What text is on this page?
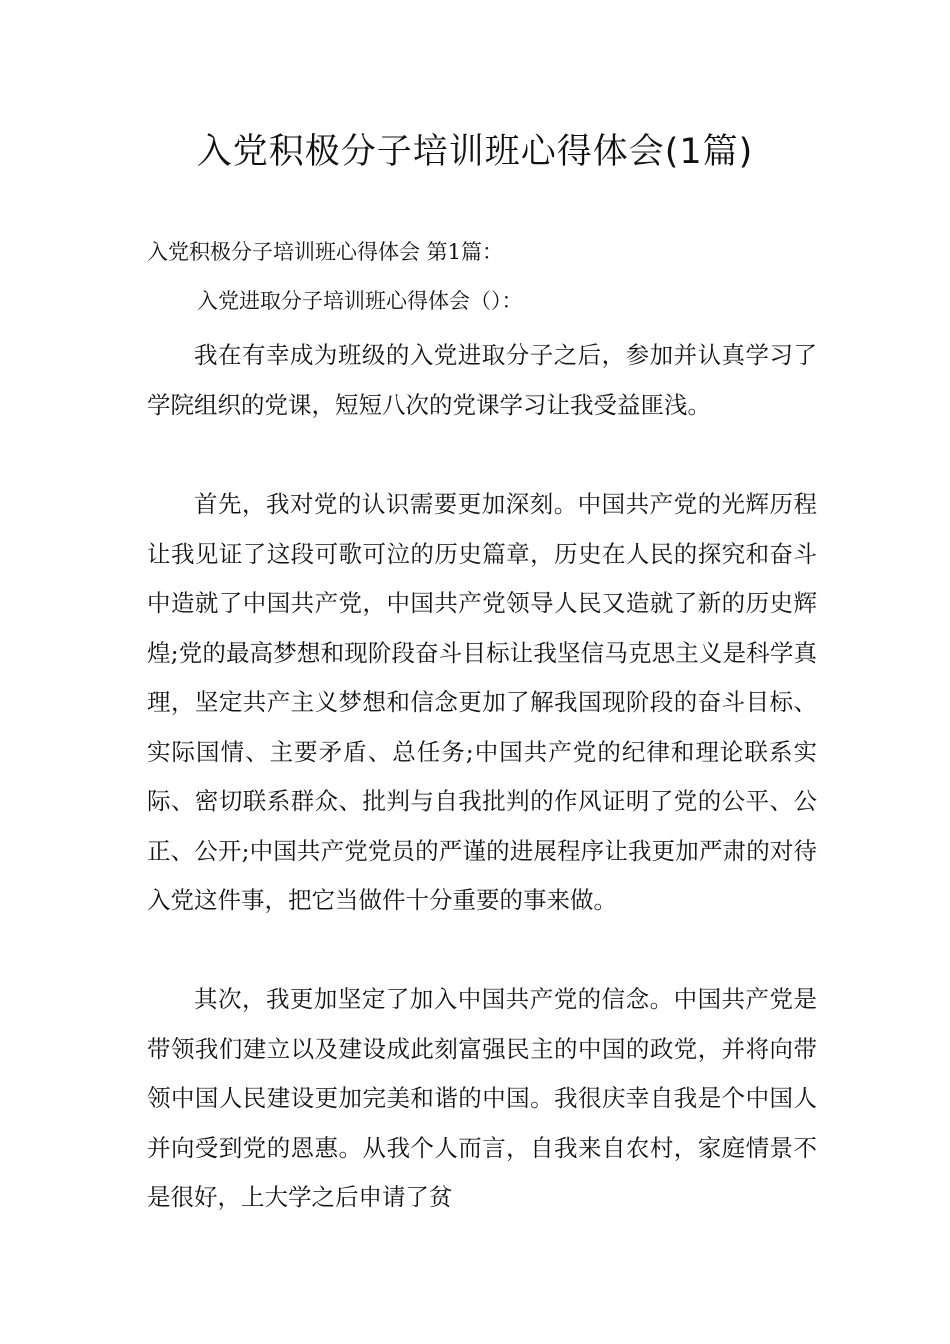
入党积极分子培训班心得体会(1篇)
入党积极分子培训班心得体会 第1篇：
入党进取分子培训班心得体会（）：

我在有幸成为班级的入党进取分子之后，参加并认真学习了学院组织的党课，短短八次的党课学习让我受益匪浅。

首先，我对党的认识需要更加深刻。中国共产党的光辉历程让我见证了这段可歌可泣的历史篇章，历史在人民的探究和奋斗中造就了中国共产党，中国共产党领导人民又造就了新的历史辉煌;党的最高梦想和现阶段奋斗目标让我坚信马克思主义是科学真理，坚定共产主义梦想和信念更加了解我国现阶段的奋斗目标、实际国情、主要矛盾、总任务;中国共产党的纪律和理论联系实际、密切联系群众、批判与自我批判的作风证明了党的公平、公正、公开;中国共产党党员的严谨的进展程序让我更加严肃的对待入党这件事，把它当做件十分重要的事来做。

其次，我更加坚定了加入中国共产党的信念。中国共产党是带领我们建立以及建设成此刻富强民主的中国的政党，并将向带领中国人民建设更加完美和谐的中国。我很庆幸自我是个中国人并向受到党的恩惠。从我个人而言，自我来自农村，家庭情景不是很好，上大学之后申请了贫
